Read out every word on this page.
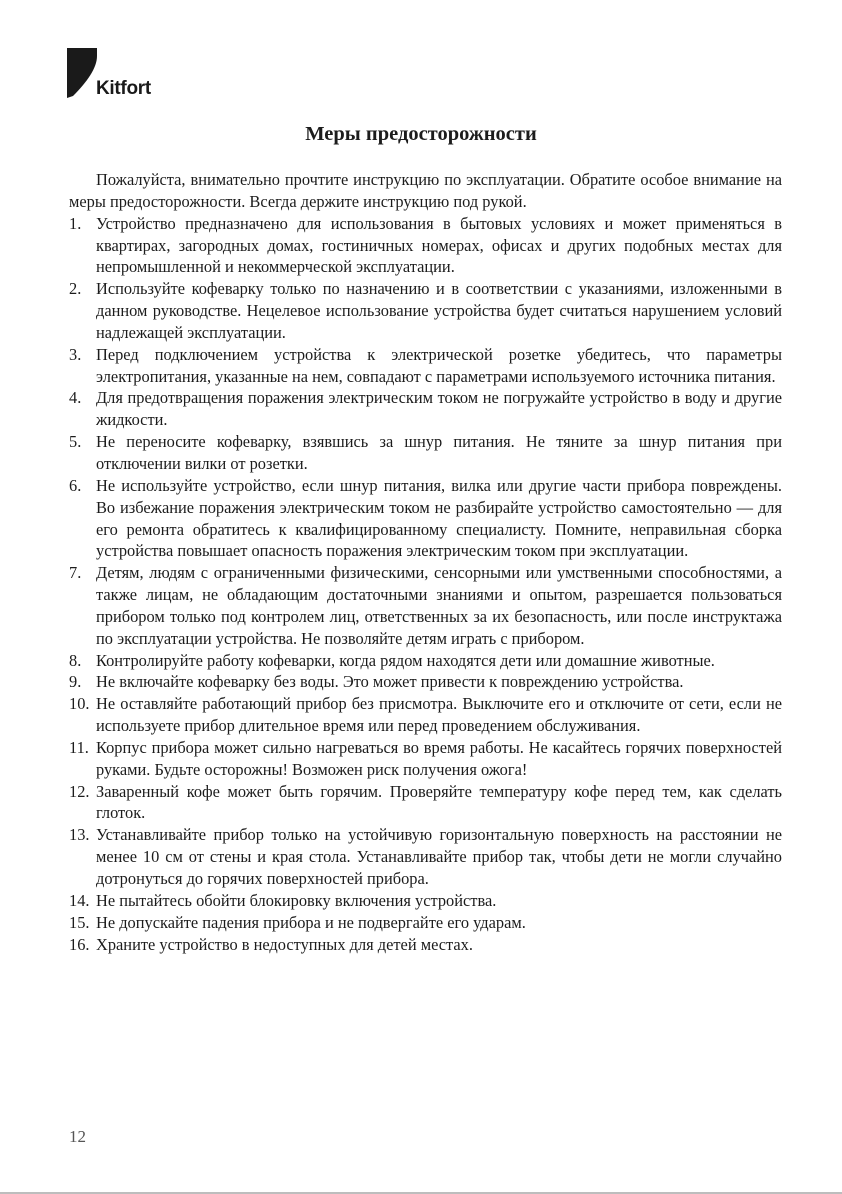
Kitfort
Меры предосторожности

Пожалуйста, внимательно прочтите инструкцию по эксплуатации. Обратите особое внимание на меры предосторожности. Всегда держите инструкцию под рукой.

1. Устройство предназначено для использования в бытовых условиях и может применяться в квартирах, загородных домах, гостиничных номерах, офисах и других подобных местах для непромышленной и некоммерческой эксплуатации.
2. Используйте кофеварку только по назначению и в соответствии с указаниями, изложенными в данном руководстве. Нецелевое использование устройства будет считаться нарушением условий надлежащей эксплуатации.
3. Перед подключением устройства к электрической розетке убедитесь, что параметры электропитания, указанные на нем, совпадают с параметрами используемого источника питания.
4. Для предотвращения поражения электрическим током не погружайте устройство в воду и другие жидкости.
5. Не переносите кофеварку, взявшись за шнур питания. Не тяните за шнур питания при отключении вилки от розетки.
6. Не используйте устройство, если шнур питания, вилка или другие части прибора повреждены. Во избежание поражения электрическим током не разбирайте устройство самостоятельно — для его ремонта обратитесь к квалифицированному специалисту. Помните, неправильная сборка устройства повышает опасность поражения электрическим током при эксплуатации.
7. Детям, людям с ограниченными физическими, сенсорными или умственными способностями, а также лицам, не обладающим достаточными знаниями и опытом, разрешается пользоваться прибором только под контролем лиц, ответственных за их безопасность, или после инструктажа по эксплуатации устройства. Не позволяйте детям играть с прибором.
8. Контролируйте работу кофеварки, когда рядом находятся дети или домашние животные.
9. Не включайте кофеварку без воды. Это может привести к повреждению устройства.
10. Не оставляйте работающий прибор без присмотра. Выключите его и отключите от сети, если не используете прибор длительное время или перед проведением обслуживания.
11. Корпус прибора может сильно нагреваться во время работы. Не касайтесь горячих поверхностей руками. Будьте осторожны! Возможен риск получения ожога!
12. Заваренный кофе может быть горячим. Проверяйте температуру кофе перед тем, как сделать глоток.
13. Устанавливайте прибор только на устойчивую горизонтальную поверхность на расстоянии не менее 10 см от стены и края стола. Устанавливайте прибор так, чтобы дети не могли случайно дотронуться до горячих поверхностей прибора.
14. Не пытайтесь обойти блокировку включения устройства.
15. Не допускайте падения прибора и не подвергайте его ударам.
16. Храните устройство в недоступных для детей местах.
12
